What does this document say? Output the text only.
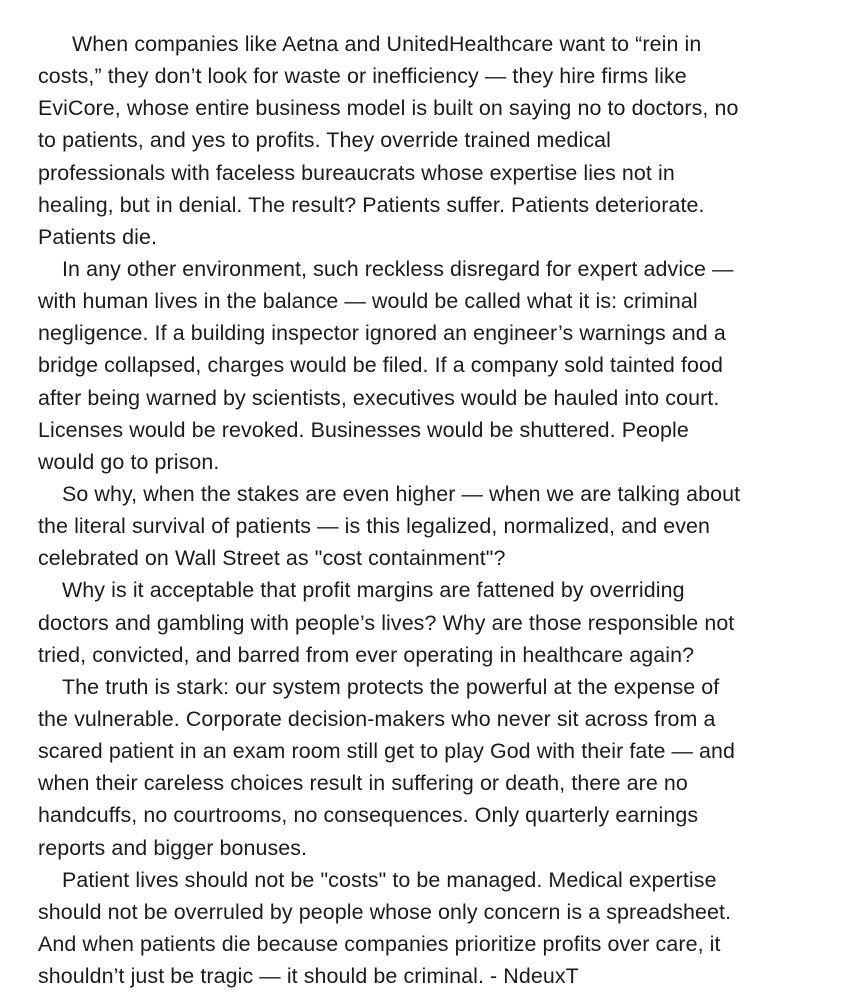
When companies like Aetna and UnitedHealthcare want to “rein in
costs,” they don’t look for waste or inefficiency — they hire firms like
EviCore, whose entire business model is built on saying no to doctors, no
to patients, and yes to profits. They override trained medical
professionals with faceless bureaucrats whose expertise lies not in
healing, but in denial. The result? Patients suffer. Patients deteriorate.
Patients die.
In any other environment, such reckless disregard for expert advice —
with human lives in the balance — would be called what it is: criminal
negligence. If a building inspector ignored an engineer’s warnings and a
bridge collapsed, charges would be filed. If a company sold tainted food
after being warned by scientists, executives would be hauled into court.
Licenses would be revoked. Businesses would be shuttered. People
would go to prison.
So why, when the stakes are even higher — when we are talking about
the literal survival of patients — is this legalized, normalized, and even
celebrated on Wall Street as "cost containment"?
Why is it acceptable that profit margins are fattened by overriding
doctors and gambling with people’s lives? Why are those responsible not
tried, convicted, and barred from ever operating in healthcare again?
The truth is stark: our system protects the powerful at the expense of
the vulnerable. Corporate decision-makers who never sit across from a
scared patient in an exam room still get to play God with their fate — and
when their careless choices result in suffering or death, there are no
handcuffs, no courtrooms, no consequences. Only quarterly earnings
reports and bigger bonuses.
Patient lives should not be "costs" to be managed. Medical expertise
should not be overruled by people whose only concern is a spreadsheet.
And when patients die because companies prioritize profits over care, it
shouldn’t just be tragic — it should be criminal. - NdeuxT
